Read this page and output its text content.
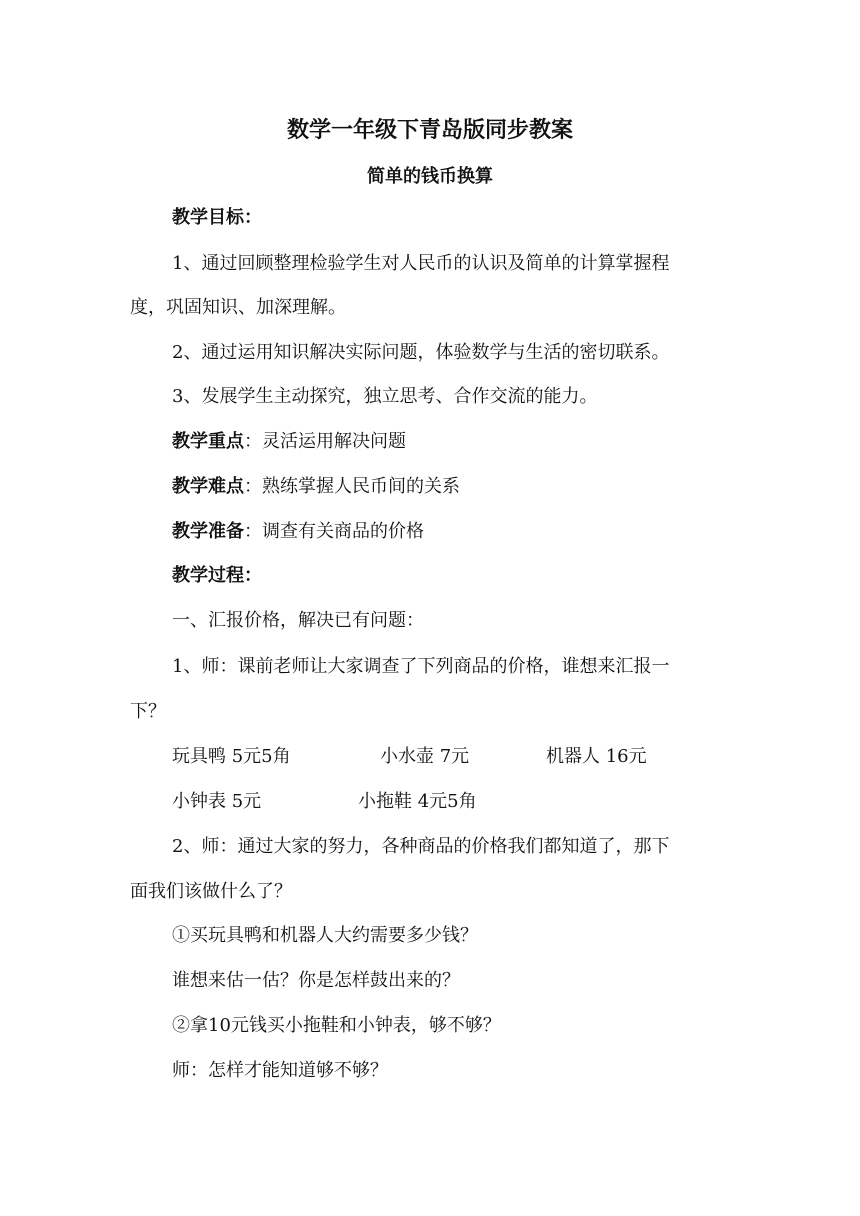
数学一年级下青岛版同步教案
简单的钱币换算
教学目标：
1、通过回顾整理检验学生对人民币的认识及简单的计算掌握程
度，巩固知识、加深理解。
2、通过运用知识解决实际问题，体验数学与生活的密切联系。
3、发展学生主动探究，独立思考、合作交流的能力。
教学重点：灵活运用解决问题
教学难点：熟练掌握人民币间的关系
教学准备：调查有关商品的价格
教学过程：
一、汇报价格，解决已有问题：
1、师：课前老师让大家调查了下列商品的价格，谁想来汇报一
下？
玩具鸭 5元5角	小水壶 7元	机器人 16元
小钟表 5元	小拖鞋 4元5角
2、师：通过大家的努力，各种商品的价格我们都知道了，那下
面我们该做什么了？
①买玩具鸭和机器人大约需要多少钱？
谁想来估一估？你是怎样鼓出来的？
②拿10元钱买小拖鞋和小钟表，够不够？
师：怎样才能知道够不够？
